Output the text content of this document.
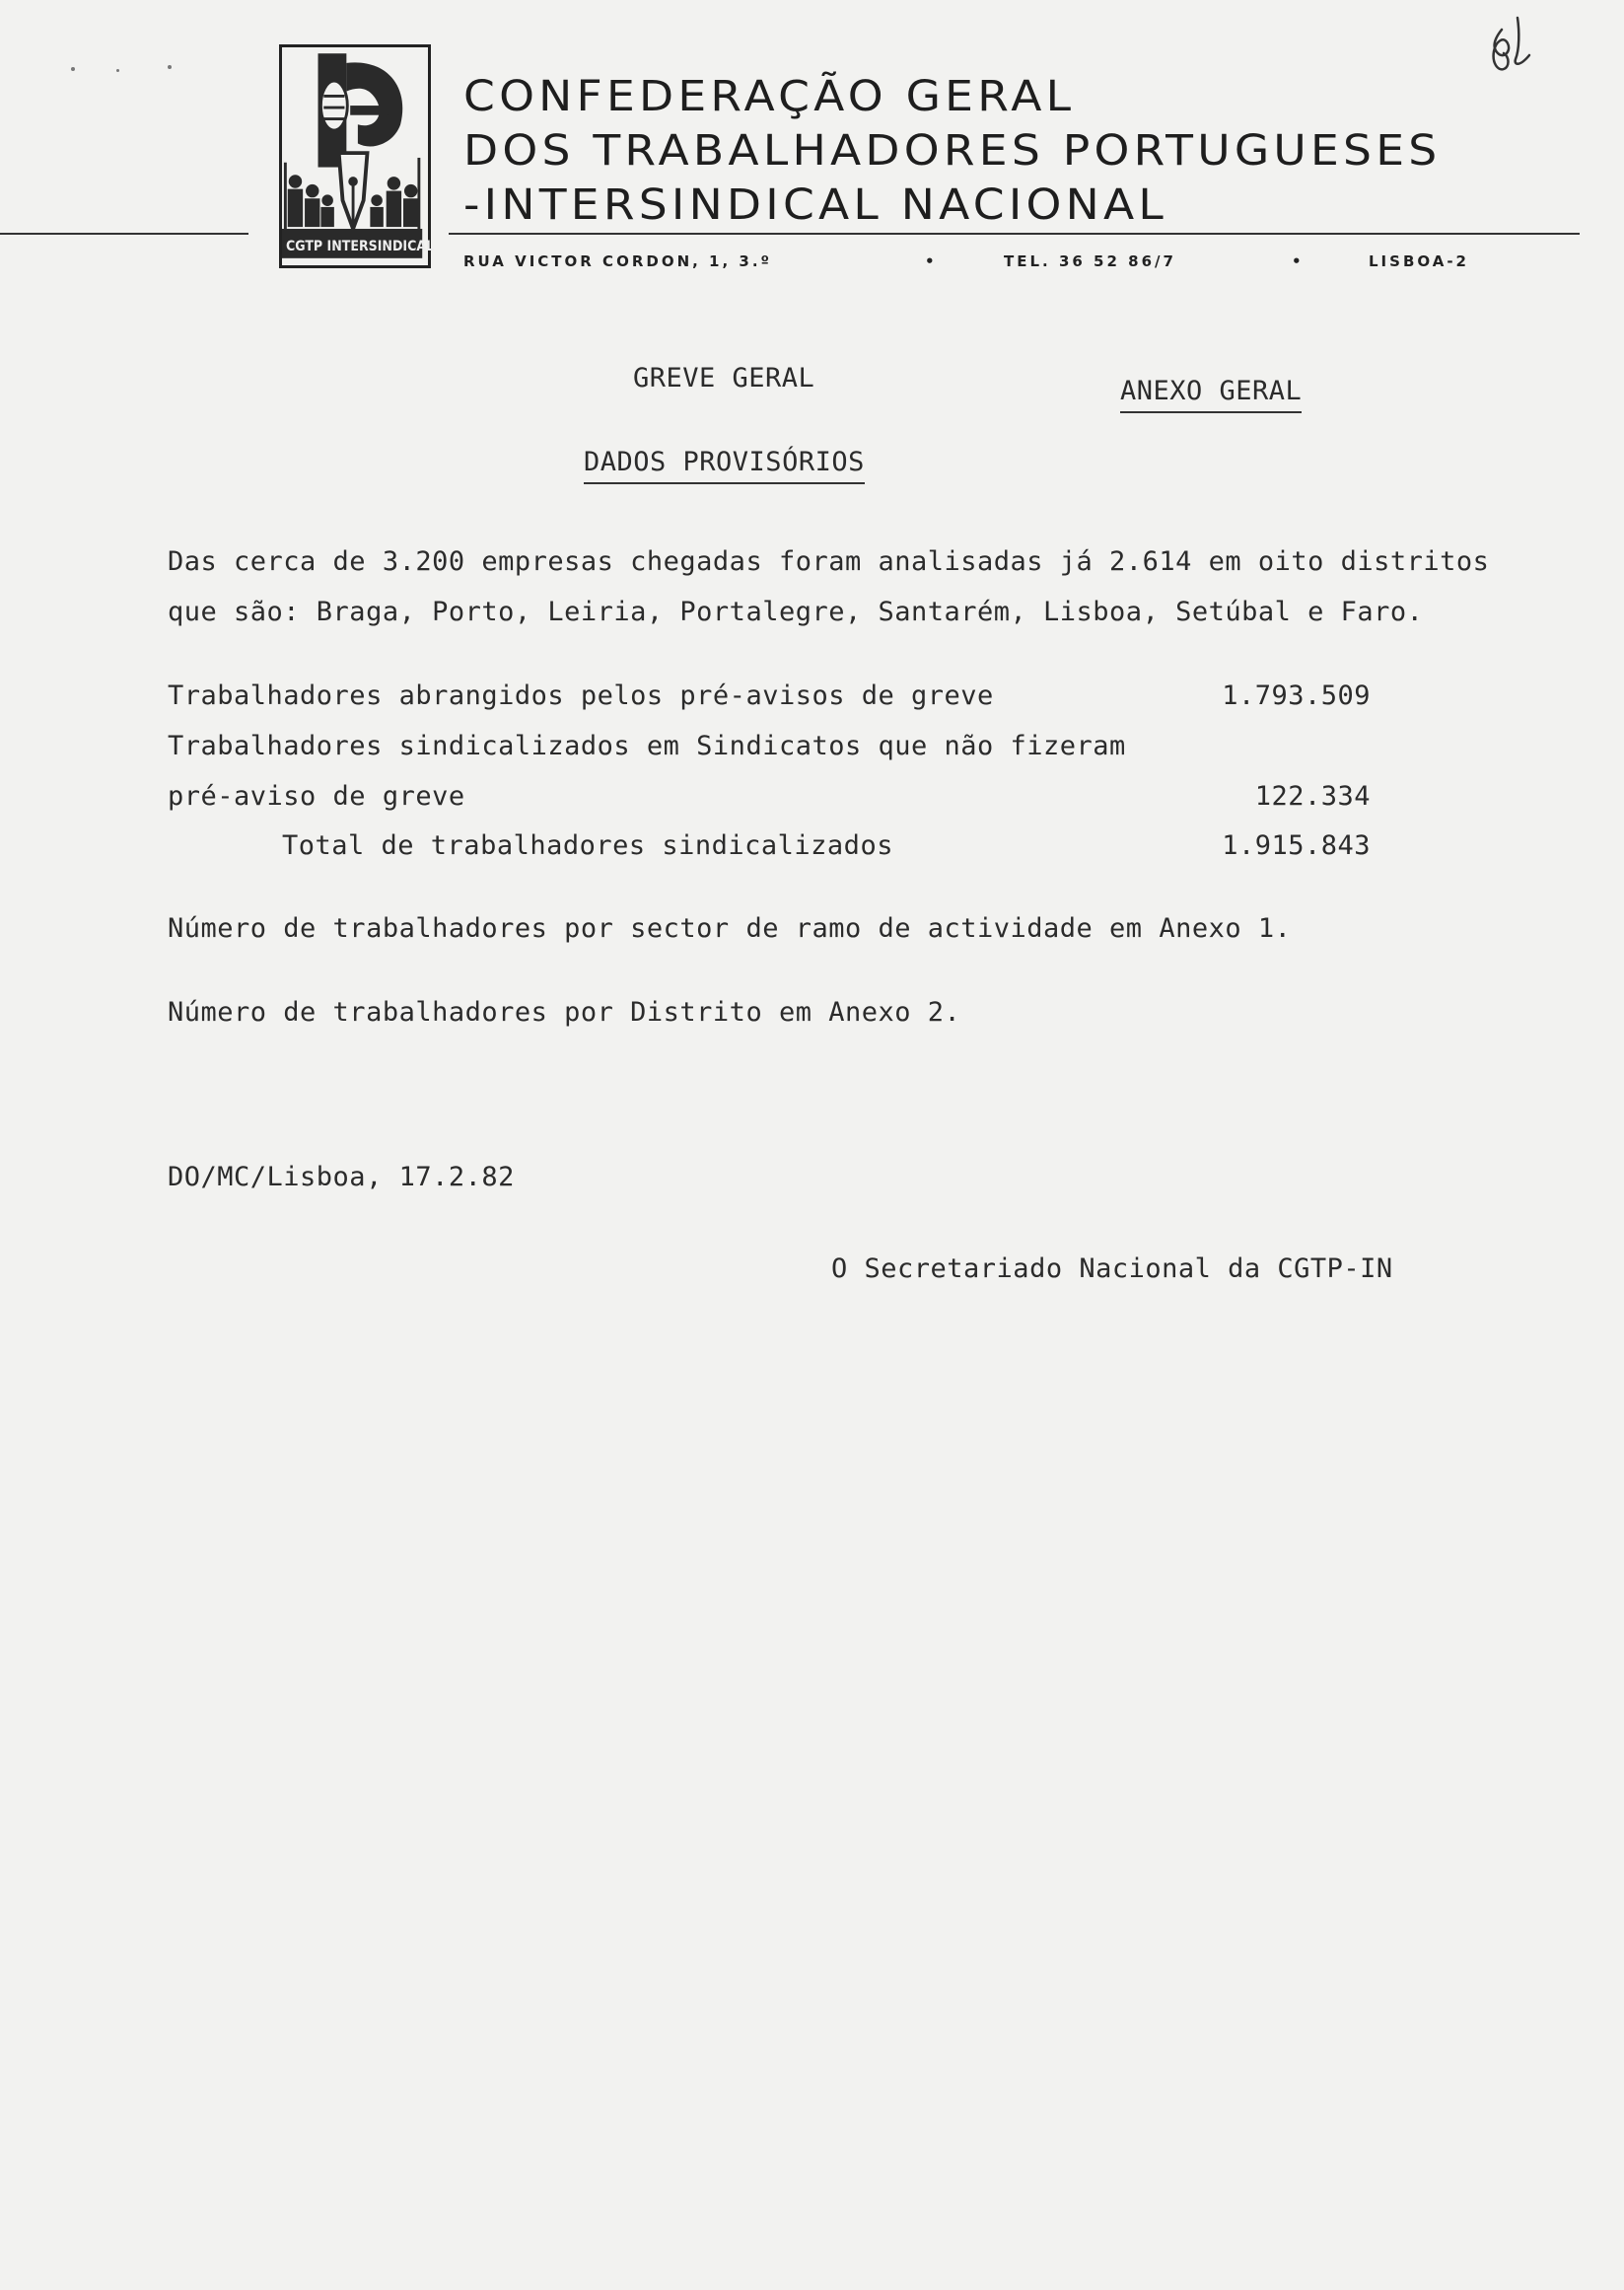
CGTP INTERSINDICAL
CONFEDERAÇÃO GERAL
DOS TRABALHADORES PORTUGUESES
-INTERSINDICAL NACIONAL
RUA VICTOR CORDON, 1, 3.º	•	TEL. 36 52 86/7	•	LISBOA-2
GREVE GERAL	ANEXO GERAL
DADOS PROVISÓRIOS
Das cerca de 3.200 empresas chegadas foram analisadas já 2.614 em oito distritos
que são: Braga, Porto, Leiria, Portalegre, Santarém, Lisboa, Setúbal e Faro.
Trabalhadores abrangidos pelos pré-avisos de greve	1.793.509
Trabalhadores sindicalizados em Sindicatos que não fizeram
pré-aviso de greve	122.334
Total de trabalhadores sindicalizados	1.915.843
Número de trabalhadores por sector de ramo de actividade em Anexo 1.
Número de trabalhadores por Distrito em Anexo 2.
DO/MC/Lisboa, 17.2.82
O Secretariado Nacional da CGTP-IN
